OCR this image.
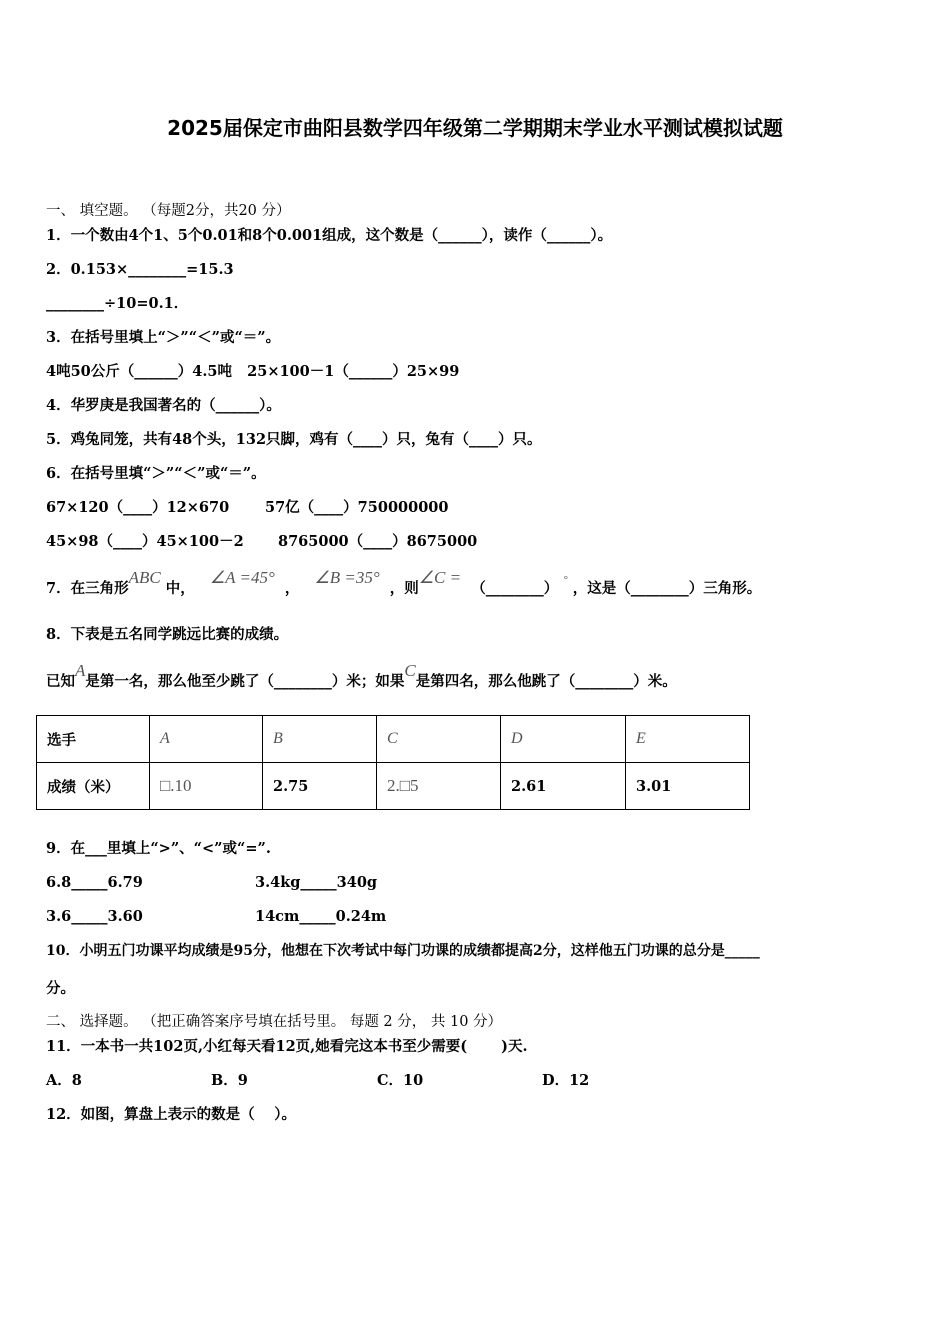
2025届保定市曲阳县数学四年级第二学期期末学业水平测试模拟试题
一、 填空题。 （每题2分，共20 分）
1．一个数由4个1、5个0.01和8个0.001组成，这个数是（______），读作（______）。
2．0.153×________=15.3
________÷10=0.1．
3．在括号里填上“＞”“＜”或“＝”。
4吨50公斤（______）4.5吨   25×100－1（______）25×99
4．华罗庚是我国著名的（______）。
5．鸡兔同笼，共有48个头，132只脚，鸡有（____）只，兔有（____）只。
6．在括号里填“＞”“＜”或“＝”。
67×120（____）12×670 57亿（____）750000000
45×98（____）45×100－2 8765000（____）8675000
7．在三角形ABC 中，   ∠A =45°  ，   ∠B =35°  ，则∠C =  （________） ° ，这是（________）三角形。
8．下表是五名同学跳远比赛的成绩。
已知A是第一名，那么他至少跳了（________）米；如果C是第四名，那么他跳了（________）米。
选手	A	B	C	D	E
成绩（米）	□.10	2.75	2.□5	2.61	3.01
9．在___里填上“>”、“<”或“=”.
6.8_____6.79	3.4kg_____340g
3.6_____3.60	14cm_____0.24m
10．小明五门功课平均成绩是95分，他想在下次考试中每门功课的成绩都提高2分，这样他五门功课的总分是_____
分。
二、 选择题。 （把正确答案序号填在括号里。 每题 2 分， 共 10 分）
11．一本书一共102页,小红每天看12页,她看完这本书至少需要(　　 )天.
A．8	B．9	C．10	D．12
12．如图，算盘上表示的数是（　 ）。
